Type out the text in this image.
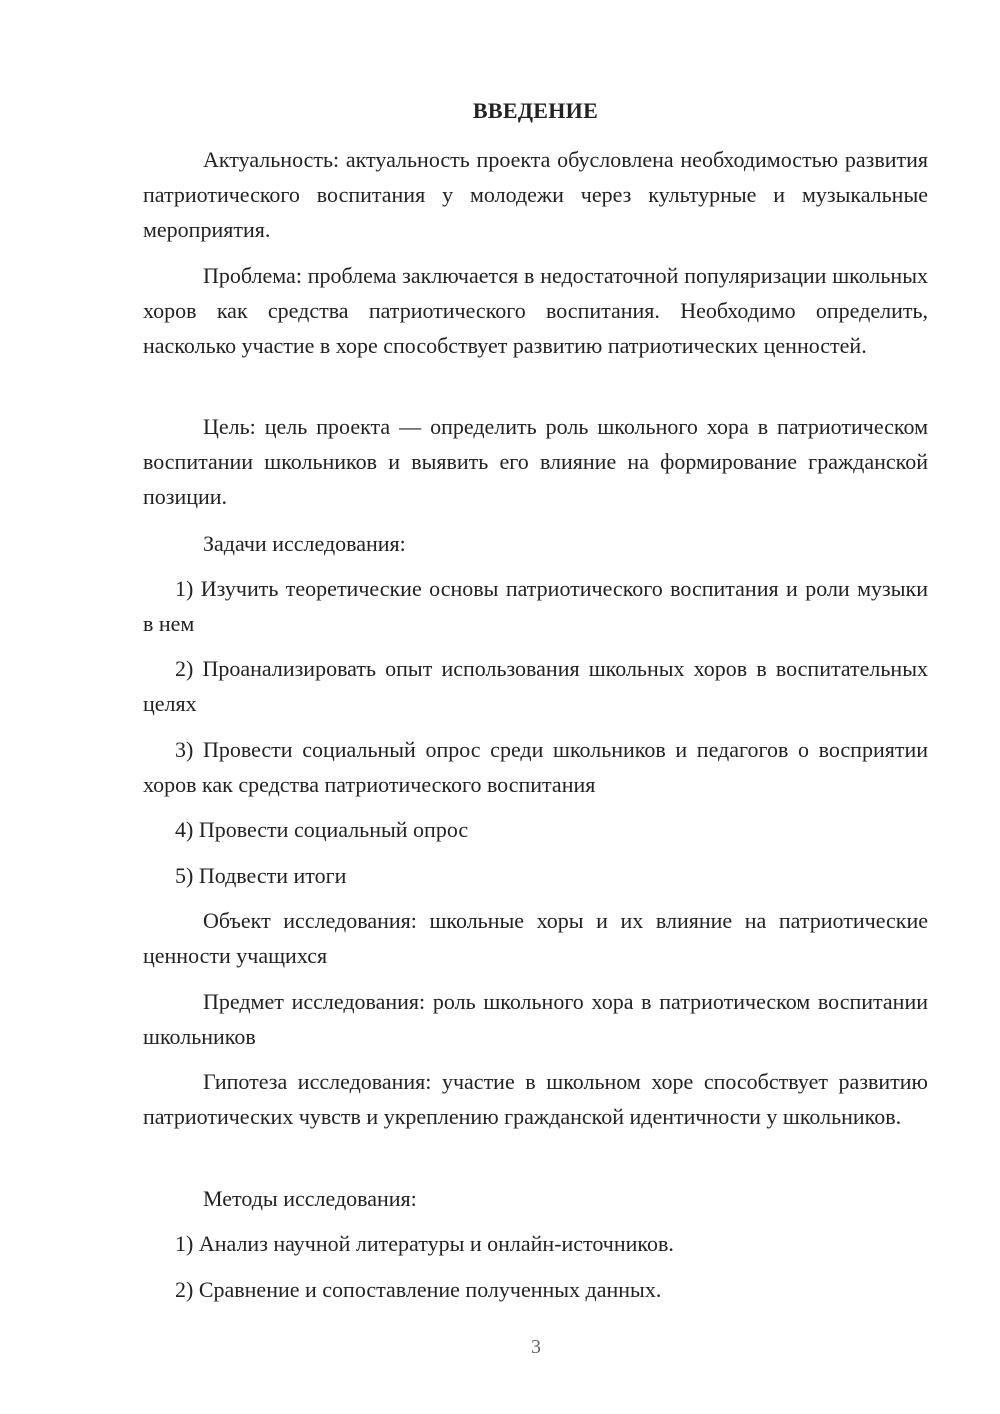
ВВЕДЕНИЕ

Актуальность: актуальность проекта обусловлена необходимостью развития патриотического воспитания у молодежи через культурные и музыкальные мероприятия.

Проблема: проблема заключается в недостаточной популяризации школьных хоров как средства патриотического воспитания. Необходимо определить, насколько участие в хоре способствует развитию патриотических ценностей.

Цель: цель проекта — определить роль школьного хора в патриотическом воспитании школьников и выявить его влияние на формирование гражданской позиции.

Задачи исследования:

1) Изучить теоретические основы патриотического воспитания и роли музыки в нем

2) Проанализировать опыт использования школьных хоров в воспитательных целях

3) Провести социальный опрос среди школьников и педагогов о восприятии хоров как средства патриотического воспитания

4) Провести социальный опрос

5) Подвести итоги

Объект исследования: школьные хоры и их влияние на патриотические ценности учащихся

Предмет исследования: роль школьного хора в патриотическом воспитании школьников

Гипотеза исследования: участие в школьном хоре способствует развитию патриотических чувств и укреплению гражданской идентичности у школьников.

Методы исследования:

1) Анализ научной литературы и онлайн-источников.

2) Сравнение и сопоставление полученных данных.

3
